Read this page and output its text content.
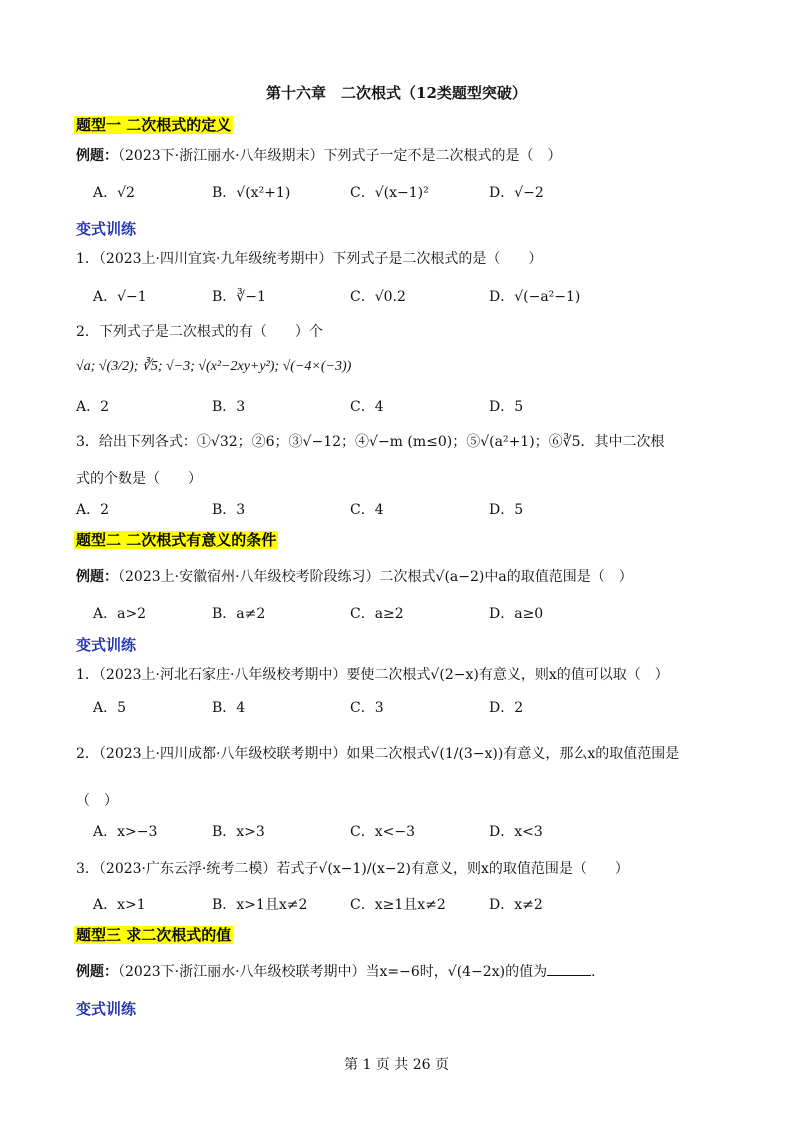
第十六章　二次根式（12类题型突破）
题型一 二次根式的定义
例题：（2023下·浙江丽水·八年级期末）下列式子一定不是二次根式的是（　）
A．√2	B．√(x²+1)	C．√(x−1)²	D．√−2
变式训练
1．（2023上·四川宜宾·九年级统考期中）下列式子是二次根式的是（　　）
A．√−1	B．∛−1	C．√0.2	D．√(−a²−1)
2．下列式子是二次根式的有（　　）个
√a; √(3/2); ∛5; √−3; √(x²−2xy+y²); √(−4×(−3))
A．2	B．3	C．4	D．5
3．给出下列各式：①√32；②6；③√−12；④√−m (m≤0)；⑤√(a²+1)；⑥∛5．其中二次根
式的个数是（　　）
A．2	B．3	C．4	D．5
题型二 二次根式有意义的条件
例题：（2023上·安徽宿州·八年级校考阶段练习）二次根式√(a−2)中a的取值范围是（　）
A．a>2	B．a≠2	C．a≥2	D．a≥0
变式训练
1．（2023上·河北石家庄·八年级校考期中）要使二次根式√(2−x)有意义，则x的值可以取（　）
A．5	B．4	C．3	D．2
2．（2023上·四川成都·八年级校联考期中）如果二次根式√(1/(3−x))有意义，那么x的取值范围是
（　）
A．x>−3	B．x>3	C．x<−3	D．x<3
3．（2023·广东云浮·统考二模）若式子√(x−1)/(x−2)有意义，则x的取值范围是（　　）
A．x>1	B．x>1且x≠2	C．x≥1且x≠2	D．x≠2
题型三 求二次根式的值
例题：（2023下·浙江丽水·八年级校联考期中）当x=−6时，√(4−2x)的值为	．
变式训练
第 1 页 共 26 页
